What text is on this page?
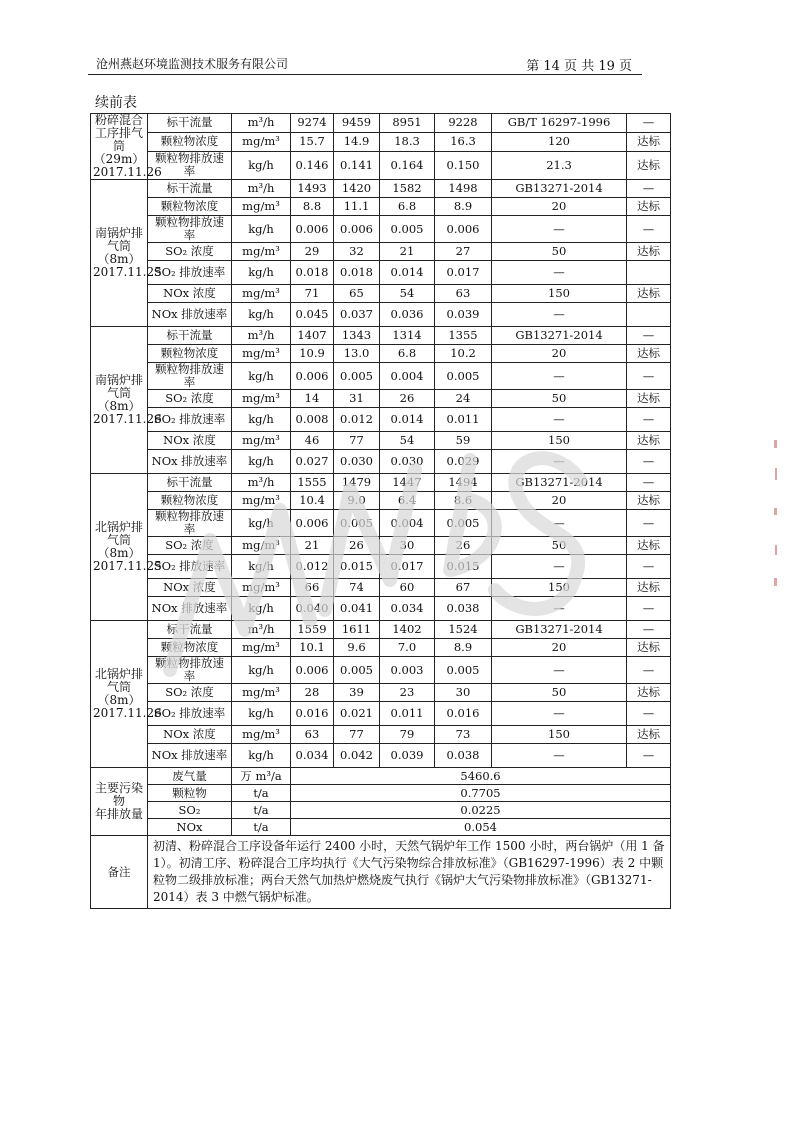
沧州燕赵环境监测技术服务有限公司	第 14 页 共 19 页
续前表
粉碎混合
工序排气
筒（29m）
2017.11.26	标干流量	m³/h	9274	9459	8951	9228	GB/T 16297-1996	—
	颗粒物浓度	mg/m³	15.7	14.9	18.3	16.3	120	达标
	颗粒物排放速率	kg/h	0.146	0.141	0.164	0.150	21.3	达标

南锅炉排
气筒（8m）
2017.11.25	标干流量	m³/h	1493	1420	1582	1498	GB13271-2014	—
	颗粒物浓度	mg/m³	8.8	11.1	6.8	8.9	20	达标
	颗粒物排放速率	kg/h	0.006	0.006	0.005	0.006	—	—
	SO₂ 浓度	mg/m³	29	32	21	27	50	达标
	SO₂ 排放速率	kg/h	0.018	0.018	0.014	0.017	—	
	NOx 浓度	mg/m³	71	65	54	63	150	达标
	NOx 排放速率	kg/h	0.045	0.037	0.036	0.039	—	

南锅炉排
气筒（8m）
2017.11.26	标干流量	m³/h	1407	1343	1314	1355	GB13271-2014	—
	颗粒物浓度	mg/m³	10.9	13.0	6.8	10.2	20	达标
	颗粒物排放速率	kg/h	0.006	0.005	0.004	0.005	—	—
	SO₂ 浓度	mg/m³	14	31	26	24	50	达标
	SO₂ 排放速率	kg/h	0.008	0.012	0.014	0.011	—	—
	NOx 浓度	mg/m³	46	77	54	59	150	达标
	NOx 排放速率	kg/h	0.027	0.030	0.030	0.029	—	—

北锅炉排
气筒（8m）
2017.11.25	标干流量	m³/h	1555	1479	1447	1494	GB13271-2014	—
	颗粒物浓度	mg/m³	10.4	9.0	6.4	8.6	20	达标
	颗粒物排放速率	kg/h	0.006	0.005	0.004	0.005	—	—
	SO₂ 浓度	mg/m³	21	26	30	26	50	达标
	SO₂ 排放速率	kg/h	0.012	0.015	0.017	0.015	—	—
	NOx 浓度	mg/m³	66	74	60	67	150	达标
	NOx 排放速率	kg/h	0.040	0.041	0.034	0.038	—	—

北锅炉排
气筒（8m）
2017.11.26	标干流量	m³/h	1559	1611	1402	1524	GB13271-2014	—
	颗粒物浓度	mg/m³	10.1	9.6	7.0	8.9	20	达标
	颗粒物排放速率	kg/h	0.006	0.005	0.003	0.005	—	—
	SO₂ 浓度	mg/m³	28	39	23	30	50	达标
	SO₂ 排放速率	kg/h	0.016	0.021	0.011	0.016	—	—
	NOx 浓度	mg/m³	63	77	79	73	150	达标
	NOx 排放速率	kg/h	0.034	0.042	0.039	0.038	—	—

主要污染物
年排放量	废气量	万 m³/a	5460.6					
	颗粒物	t/a	0.7705					
	SO₂	t/a	0.0225					
	NOx	t/a	0.054					
备注	初清、粉碎混合工序设备年运行 2400 小时，天然气锅炉年工作 1500 小时，两台锅炉（用 1 备 1）。初清工序、粉碎混合工序均执行《大气污染物综合排放标准》（GB16297-1996）表 2 中颗粒物二级排放标准；两台天然气加热炉燃烧废气执行《锅炉大气污染物排放标准》（GB13271-2014）表 3 中燃气锅炉标准。							
